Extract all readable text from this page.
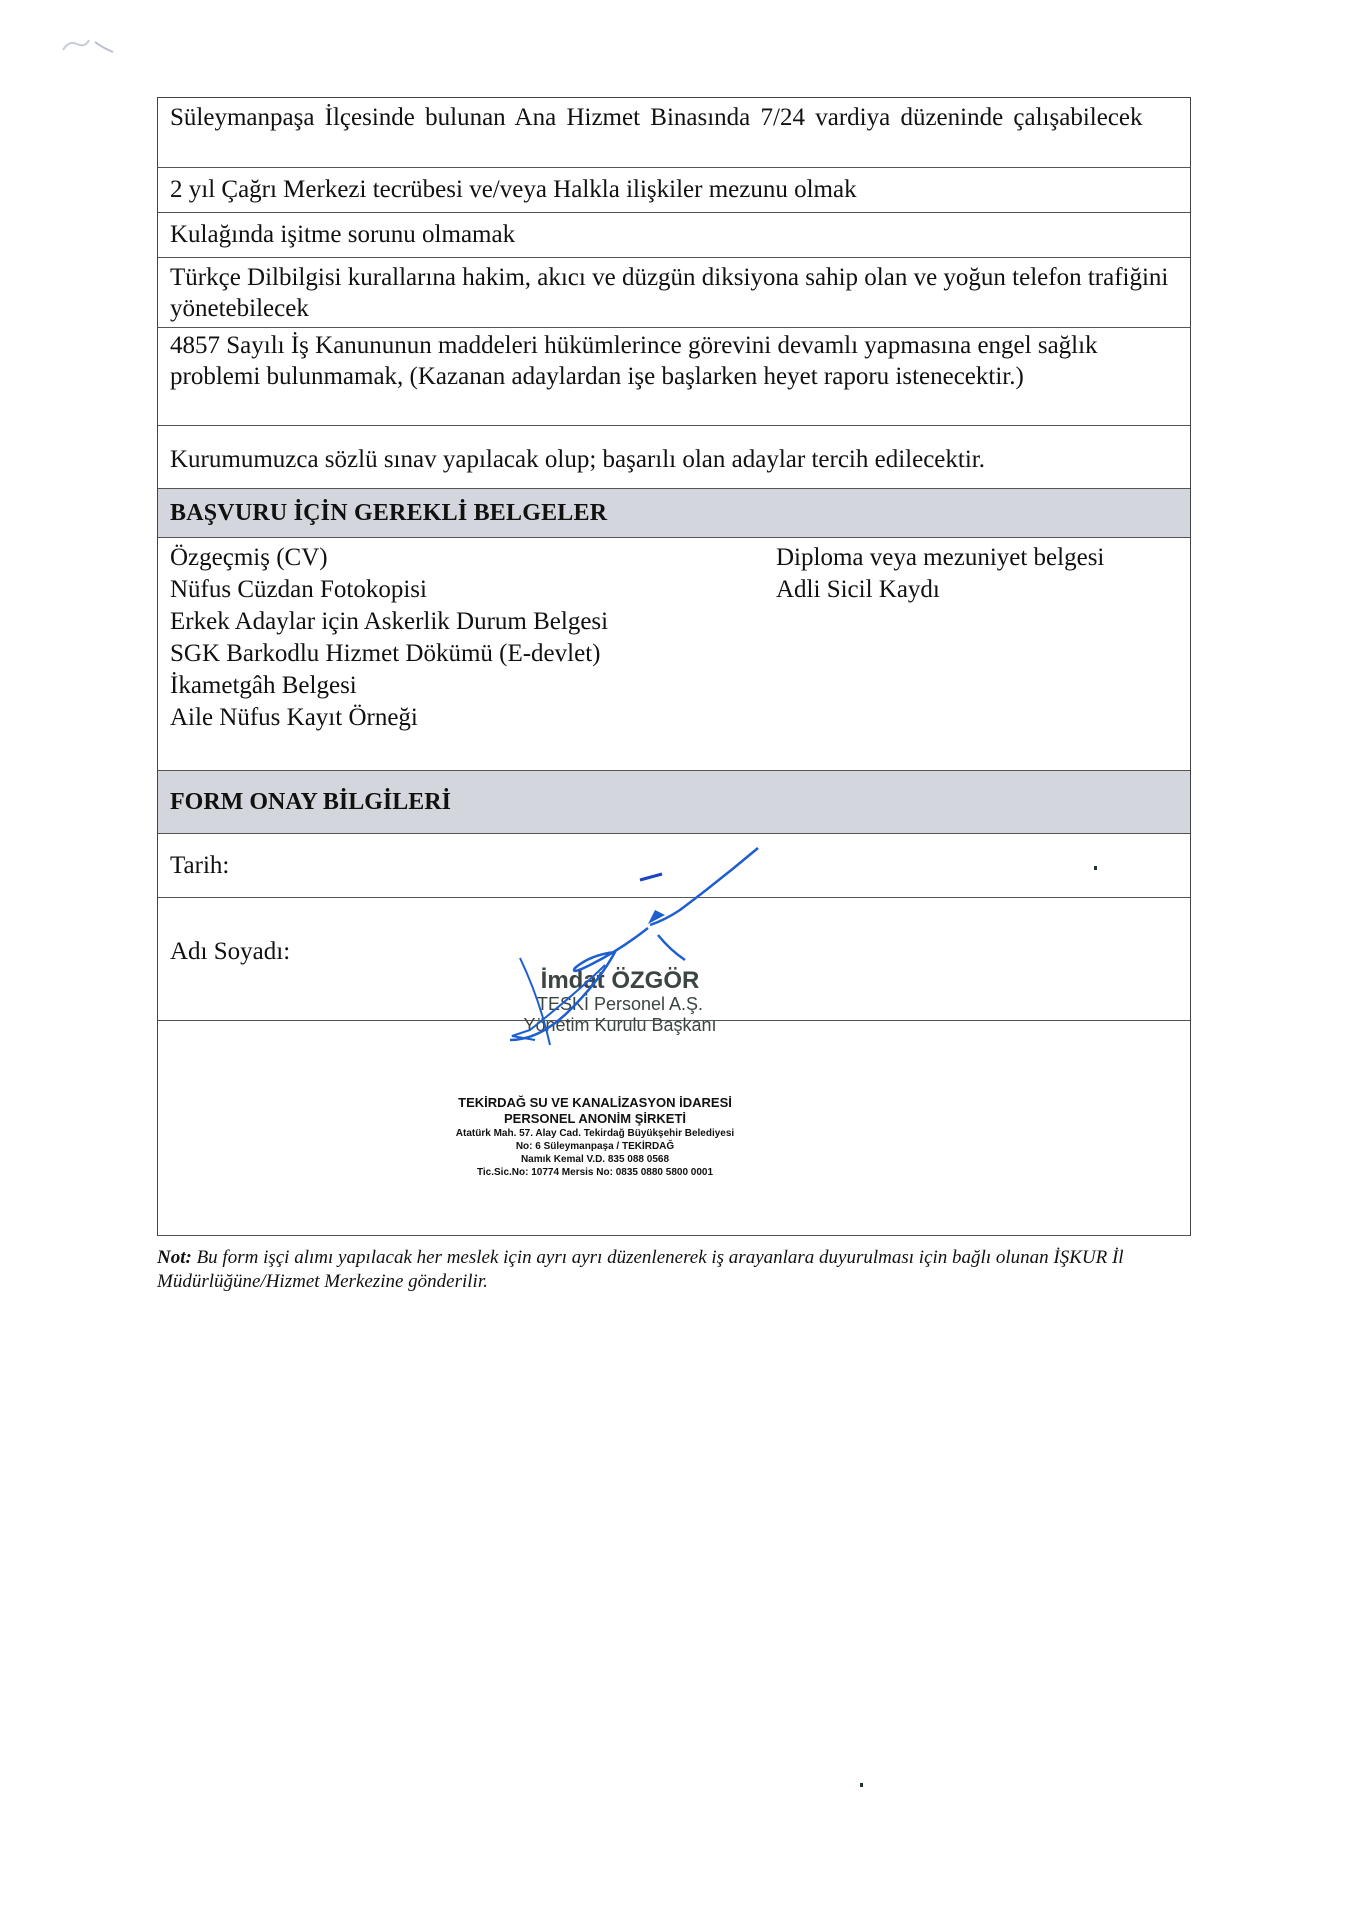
Süleymanpaşa İlçesinde bulunan Ana Hizmet Binasında 7/24 vardiya düzeninde çalışabilecek
2 yıl Çağrı Merkezi tecrübesi ve/veya Halkla ilişkiler mezunu olmak
Kulağında işitme sorunu olmamak
Türkçe Dilbilgisi kurallarına hakim, akıcı ve düzgün diksiyona sahip olan ve yoğun telefon trafiğini yönetebilecek
4857 Sayılı İş Kanununun maddeleri hükümlerince görevini devamlı yapmasına engel sağlık problemi bulunmamak, (Kazanan adaylardan işe başlarken heyet raporu istenecektir.)
Kurumumuzca sözlü sınav yapılacak olup; başarılı olan adaylar tercih edilecektir.
BAŞVURU İÇİN GEREKLİ BELGELER
Özgeçmiş (CV)
Nüfus Cüzdan Fotokopisi
Erkek Adaylar için Askerlik Durum Belgesi
SGK Barkodlu Hizmet Dökümü (E-devlet)
İkametgâh Belgesi
Aile Nüfus Kayıt Örneği
Diploma veya mezuniyet belgesi
Adli Sicil Kaydı
FORM ONAY BİLGİLERİ
Tarih:
Adı Soyadı:
İmdat ÖZGÖR
TESKİ Personel A.Ş.
Yönetim Kurulu Başkanı
TEKİRDAĞ SU VE KANALİZASYON İDARESİ
PERSONEL ANONİM ŞİRKETİ
Atatürk Mah. 57. Alay Cad. Tekirdağ Büyükşehir Belediyesi
No: 6 Süleymanpaşa / TEKİRDAĞ
Namık Kemal V.D. 835 088 0568
Tic.Sic.No: 10774 Mersis No: 0835 0880 5800 0001
Not: Bu form işçi alımı yapılacak her meslek için ayrı ayrı düzenlenerek iş arayanlara duyurulması için bağlı olunan İŞKUR İl Müdürlüğüne/Hizmet Merkezine gönderilir.
